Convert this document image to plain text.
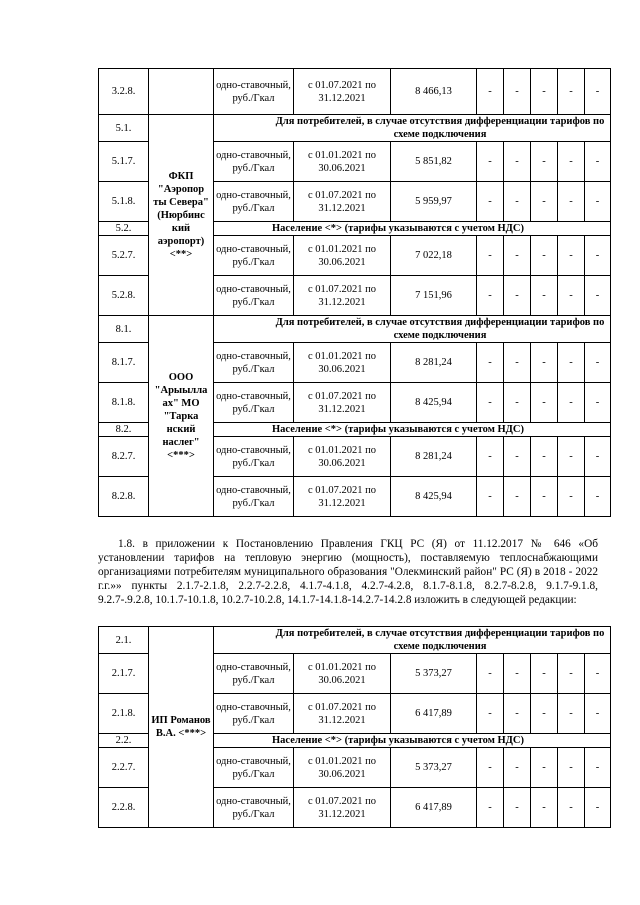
3.2.8.		одно-ставочный, руб./Гкал	с 01.07.2021 по 31.12.2021	8 466,13	-	-	-	-	-
5.1.	ФКП "Аэропор ты Севера" (Нюрбинс кий аэропорт) <**>	Для потребителей, в случае отсутствия дифференциации тарифов по схеме подключения							
5.1.7.		одно-ставочный, руб./Гкал	с 01.01.2021 по 30.06.2021	5 851,82	-	-	-	-	-
5.1.8.		одно-ставочный, руб./Гкал	с 01.07.2021 по 31.12.2021	5 959,97	-	-	-	-	-
5.2.		Население <*> (тарифы указываются с учетом НДС)							
5.2.7.		одно-ставочный, руб./Гкал	с 01.01.2021 по 30.06.2021	7 022,18	-	-	-	-	-
5.2.8.		одно-ставочный, руб./Гкал	с 01.07.2021 по 31.12.2021	7 151,96	-	-	-	-	-
8.1.	ООО "Арыылла ах" МО "Тарка нский наслег" <***>	Для потребителей, в случае отсутствия дифференциации тарифов по схеме подключения							
8.1.7.		одно-ставочный, руб./Гкал	с 01.01.2021 по 30.06.2021	8 281,24	-	-	-	-	-
8.1.8.		одно-ставочный, руб./Гкал	с 01.07.2021 по 31.12.2021	8 425,94	-	-	-	-	-
8.2.		Население <*> (тарифы указываются с учетом НДС)							
8.2.7.		одно-ставочный, руб./Гкал	с 01.01.2021 по 30.06.2021	8 281,24	-	-	-	-	-
8.2.8.		одно-ставочный, руб./Гкал	с 01.07.2021 по 31.12.2021	8 425,94	-	-	-	-	-
1.8. в приложении к Постановлению Правления ГКЦ РС (Я) от 11.12.2017 № 646 «Об установлении тарифов на тепловую энергию (мощность), поставляемую теплоснабжающими организациями потребителям муниципального образования "Олекминский район" РС (Я) в 2018 - 2022 г.г.»» пункты 2.1.7-2.1.8, 2.2.7-2.2.8, 4.1.7-4.1.8, 4.2.7-4.2.8, 8.1.7-8.1.8, 8.2.7-8.2.8, 9.1.7-9.1.8, 9.2.7-.9.2.8, 10.1.7-10.1.8, 10.2.7-10.2.8, 14.1.7-14.1.8-14.2.7-14.2.8 изложить в следующей редакции:
2.1.	ИП Романов В.А. <***>	Для потребителей, в случае отсутствия дифференциации тарифов по схеме подключения							
2.1.7.		одно-ставочный, руб./Гкал	с 01.01.2021 по 30.06.2021	5 373,27	-	-	-	-	-
2.1.8.		одно-ставочный, руб./Гкал	с 01.07.2021 по 31.12.2021	6 417,89	-	-	-	-	-
2.2.		Население <*> (тарифы указываются с учетом НДС)							
2.2.7.		одно-ставочный, руб./Гкал	с 01.01.2021 по 30.06.2021	5 373,27	-	-	-	-	-
2.2.8.		одно-ставочный, руб./Гкал	с 01.07.2021 по 31.12.2021	6 417,89	-	-	-	-	-
